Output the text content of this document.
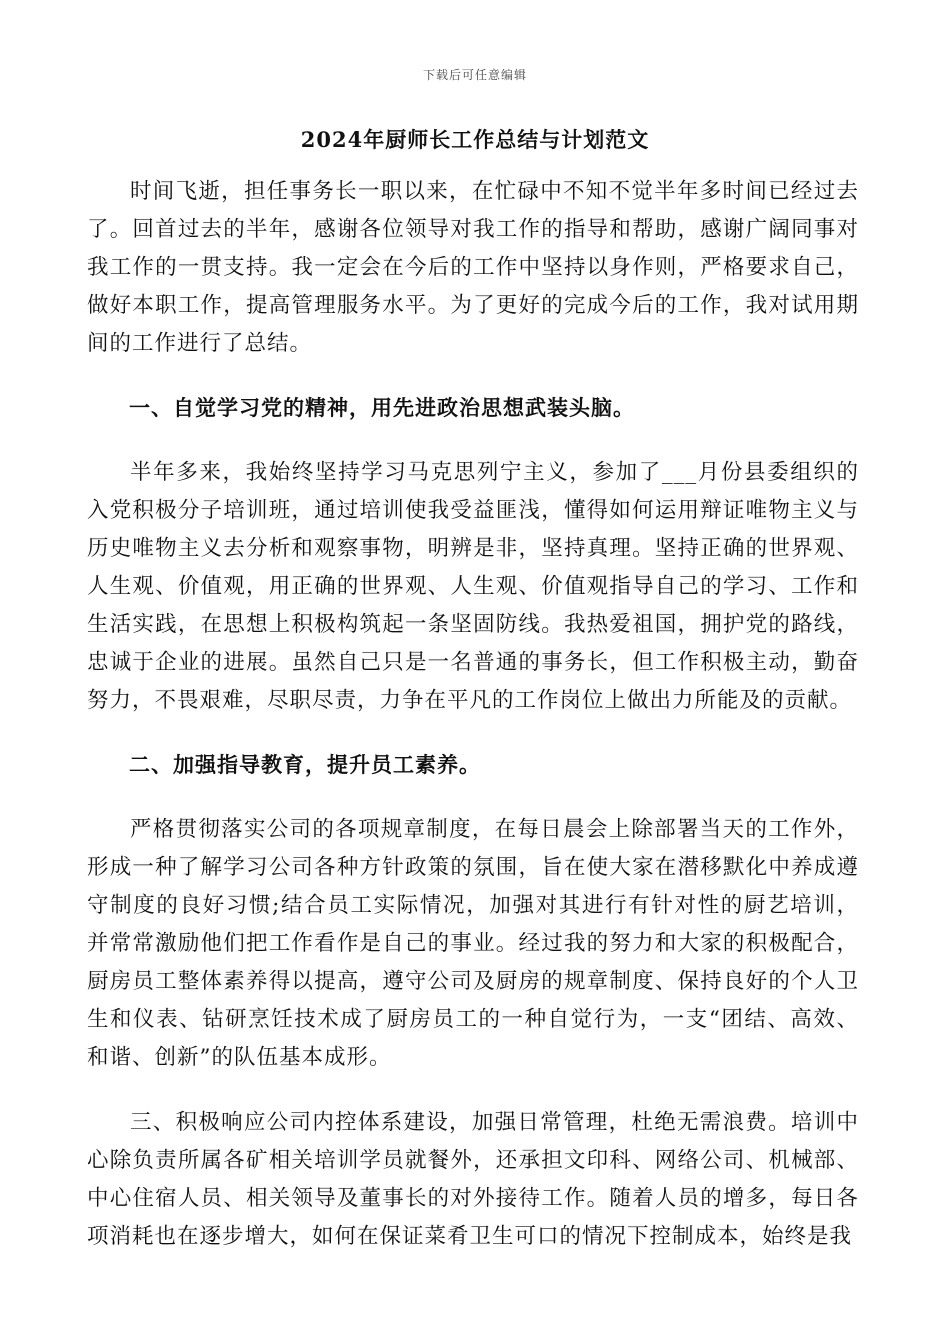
下载后可任意编辑
2024年厨师长工作总结与计划范文

时间飞逝，担任事务长一职以来，在忙碌中不知不觉半年多时间已经过去了。回首过去的半年，感谢各位领导对我工作的指导和帮助，感谢广阔同事对我工作的一贯支持。我一定会在今后的工作中坚持以身作则，严格要求自己，做好本职工作，提高管理服务水平。为了更好的完成今后的工作，我对试用期间的工作进行了总结。

一、自觉学习党的精神，用先进政治思想武装头脑。

半年多来，我始终坚持学习马克思列宁主义，参加了___月份县委组织的入党积极分子培训班，通过培训使我受益匪浅，懂得如何运用辩证唯物主义与历史唯物主义去分析和观察事物，明辨是非，坚持真理。坚持正确的世界观、人生观、价值观，用正确的世界观、人生观、价值观指导自己的学习、工作和生活实践，在思想上积极构筑起一条坚固防线。我热爱祖国，拥护党的路线，忠诚于企业的进展。虽然自己只是一名普通的事务长，但工作积极主动，勤奋努力，不畏艰难，尽职尽责，力争在平凡的工作岗位上做出力所能及的贡献。

二、加强指导教育，提升员工素养。

严格贯彻落实公司的各项规章制度，在每日晨会上除部署当天的工作外，形成一种了解学习公司各种方针政策的氛围，旨在使大家在潜移默化中养成遵守制度的良好习惯;结合员工实际情况，加强对其进行有针对性的厨艺培训，并常常激励他们把工作看作是自己的事业。经过我的努力和大家的积极配合，厨房员工整体素养得以提高，遵守公司及厨房的规章制度、保持良好的个人卫生和仪表、钻研烹饪技术成了厨房员工的一种自觉行为，一支“团结、高效、和谐、创新”的队伍基本成形。

三、积极响应公司内控体系建设，加强日常管理，杜绝无需浪费。培训中心除负责所属各矿相关培训学员就餐外，还承担文印科、网络公司、机械部、中心住宿人员、相关领导及董事长的对外接待工作。随着人员的增多，每日各项消耗也在逐步增大，如何在保证菜肴卫生可口的情况下控制成本，始终是我
